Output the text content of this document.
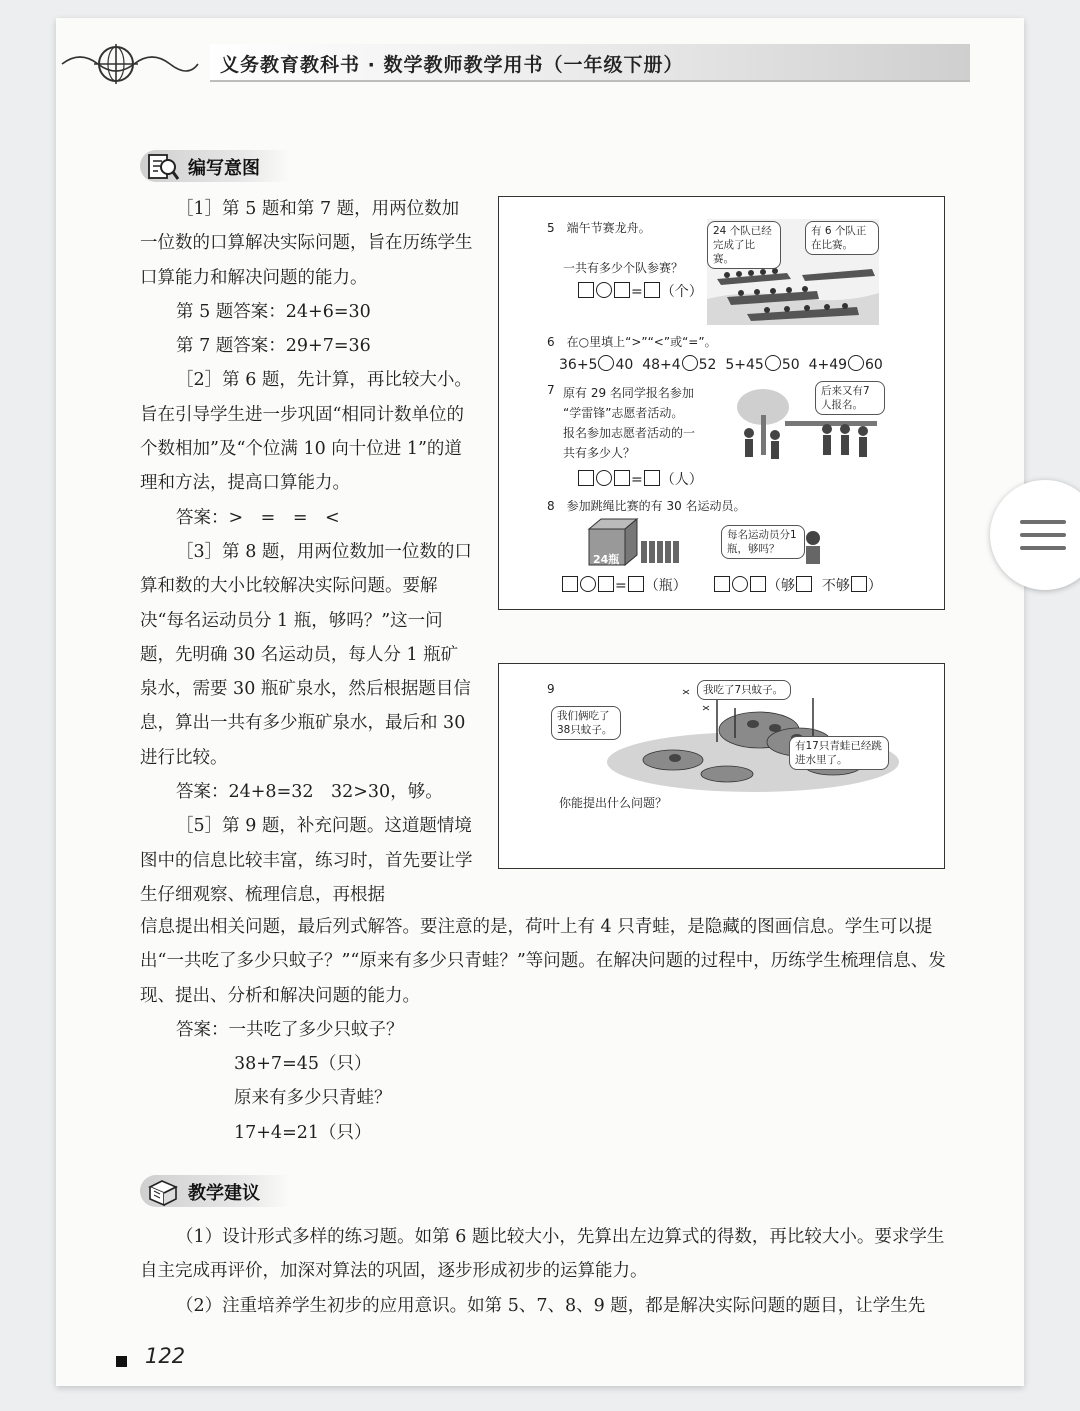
义务教育教科书 · 数学教师教学用书（一年级下册）
编写意图

［1］第 5 题和第 7 题，用两位数加一位数的口算解决实际问题，旨在历练学生口算能力和解决问题的能力。

第 5 题答案：24+6=30

第 7 题答案：29+7=36

［2］第 6 题，先计算，再比较大小。旨在引导学生进一步巩固“相同计数单位的个数相加”及“个位满 10 向十位进 1”的道理和方法，提高口算能力。

答案：>　=　=　<

［3］第 8 题，用两位数加一位数的口算和数的大小比较解决实际问题。要解决“每名运动员分 1 瓶，够吗？”这一问题，先明确 30 名运动员，每人分 1 瓶矿泉水，需要 30 瓶矿泉水，然后根据题目信息，算出一共有多少瓶矿泉水，最后和 30 进行比较。

答案：24+8=32　32>30，够。

［5］第 9 题，补充问题。这道题情境图中的信息比较丰富，练习时，首先要让学生仔细观察、梳理信息，再根据

信息提出相关问题，最后列式解答。要注意的是，荷叶上有 4 只青蛙，是隐藏的图画信息。学生可以提出“一共吃了多少只蚊子？”“原来有多少只青蛙？”等问题。在解决问题的过程中，历练学生梳理信息、发现、提出、分析和解决问题的能力。

答案：一共吃了多少只蚊子？

38+7=45（只）

原来有多少只青蛙？

17+4=21（只）

教学建议

（1）设计形式多样的练习题。如第 6 题比较大小，先算出左边算式的得数，再比较大小。要求学生自主完成再评价，加深对算法的巩固，逐步形成初步的运算能力。

（2）注重培养学生初步的应用意识。如第 5、7、8、9 题，都是解决实际问题的题目，让学生先

5　端午节赛龙舟。	24 个队已经完成了比赛。
有 6 个队正在比赛。
一共有多少个队参赛？
= （个）
6　在○里填上“>”“<”或“=”。
36+5 40 48+4 52 5+45 50 4+49 60
7 原有 29 名同学报名参加
“学雷锋”志愿者活动。
报名参加志愿者活动的一
共有多少人？
后来又有7人报名。
= （人）
8　参加跳绳比赛的有 30 名运动员。
24瓶
每名运动员分1瓶，够吗？
= （瓶）	（够 不够 ）
9
我们俩吃了38只蚊子。
我吃了7只蚊子。
有17只青蛙已经跳进水里了。
你能提出什么问题？
122
